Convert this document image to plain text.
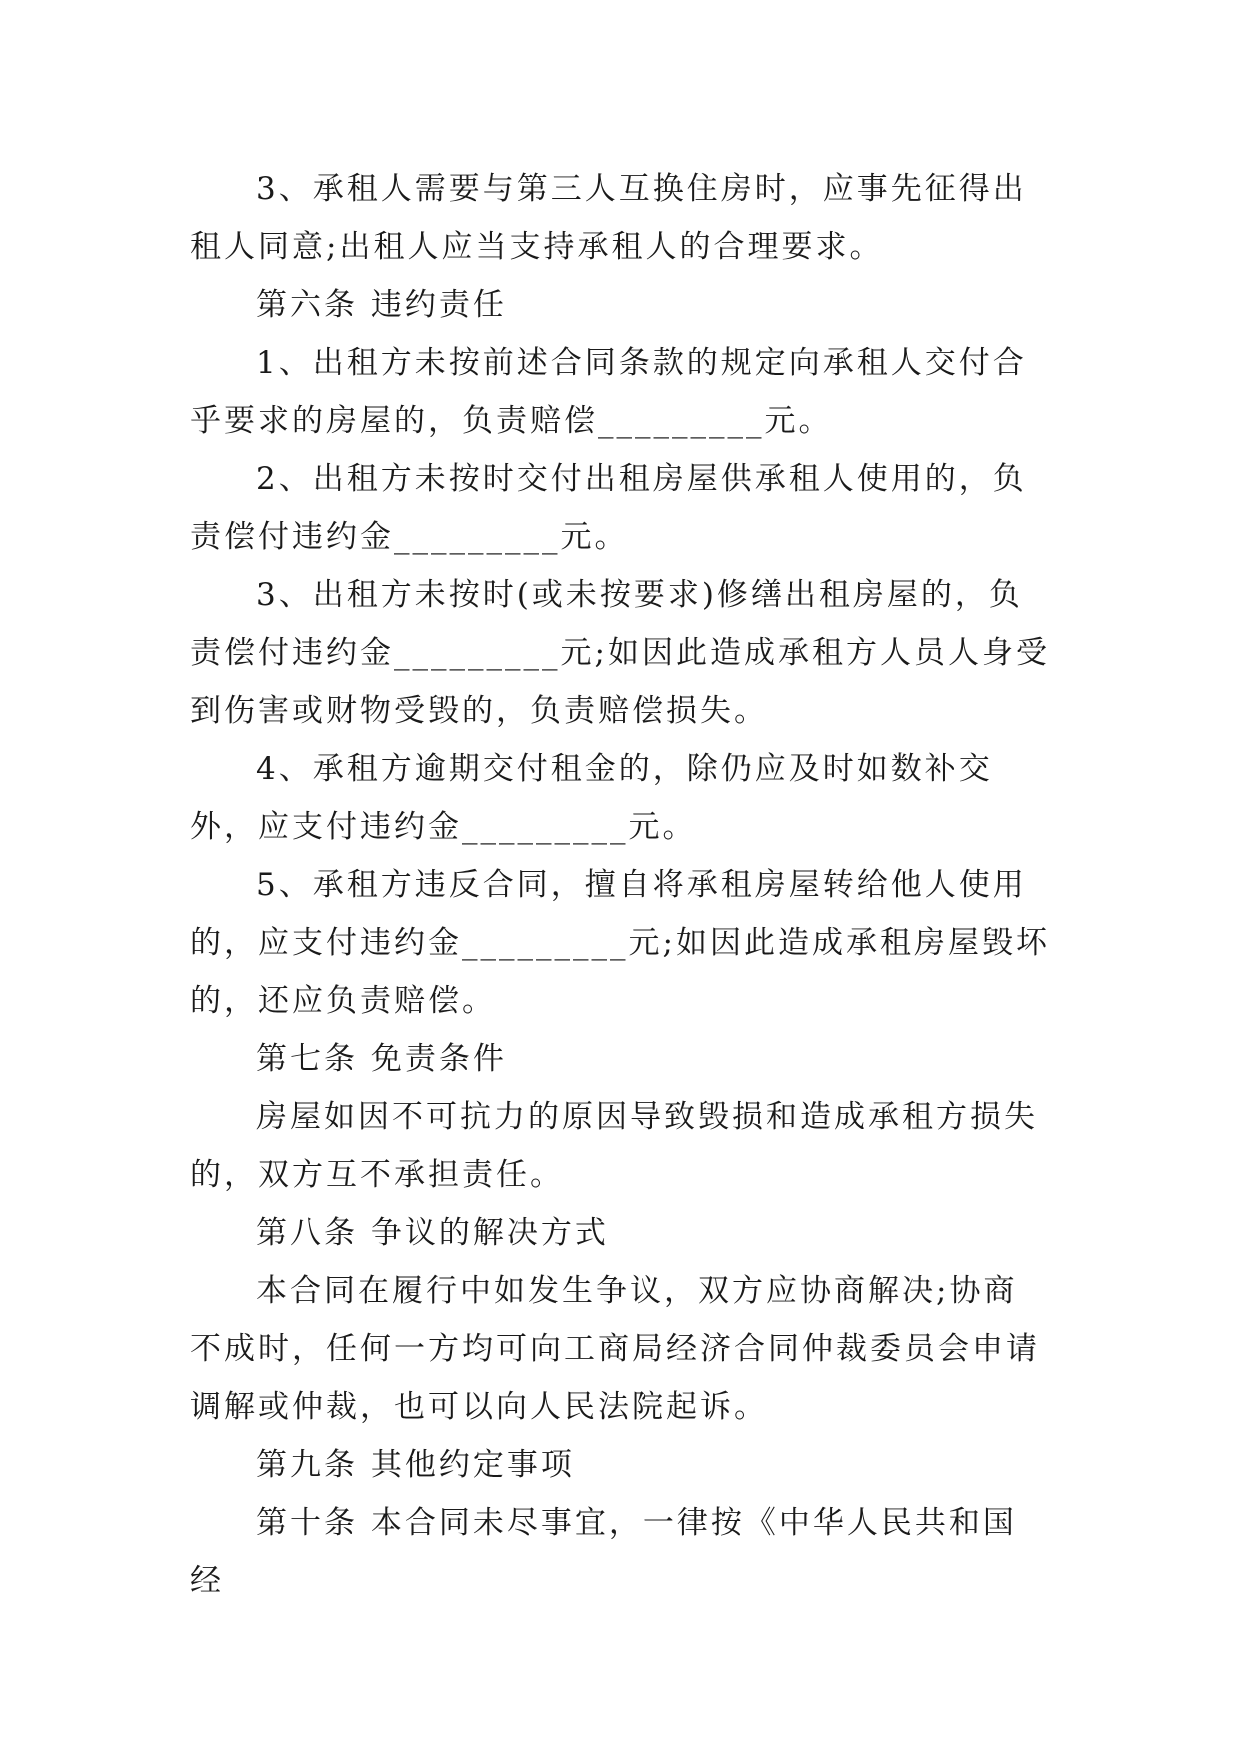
3、承租人需要与第三人互换住房时，应事先征得出租人同意;出租人应当支持承租人的合理要求。

第六条 违约责任

1、出租方未按前述合同条款的规定向承租人交付合乎要求的房屋的，负责赔偿_________元。

2、出租方未按时交付出租房屋供承租人使用的，负责偿付违约金_________元。

3、出租方未按时(或未按要求)修缮出租房屋的，负责偿付违约金_________元;如因此造成承租方人员人身受到伤害或财物受毁的，负责赔偿损失。

4、承租方逾期交付租金的，除仍应及时如数补交外，应支付违约金_________元。

5、承租方违反合同，擅自将承租房屋转给他人使用的，应支付违约金_________元;如因此造成承租房屋毁坏的，还应负责赔偿。

第七条 免责条件

房屋如因不可抗力的原因导致毁损和造成承租方损失的，双方互不承担责任。

第八条 争议的解决方式

本合同在履行中如发生争议，双方应协商解决;协商不成时，任何一方均可向工商局经济合同仲裁委员会申请调解或仲裁，也可以向人民法院起诉。

第九条 其他约定事项

第十条 本合同未尽事宜，一律按《中华人民共和国经
